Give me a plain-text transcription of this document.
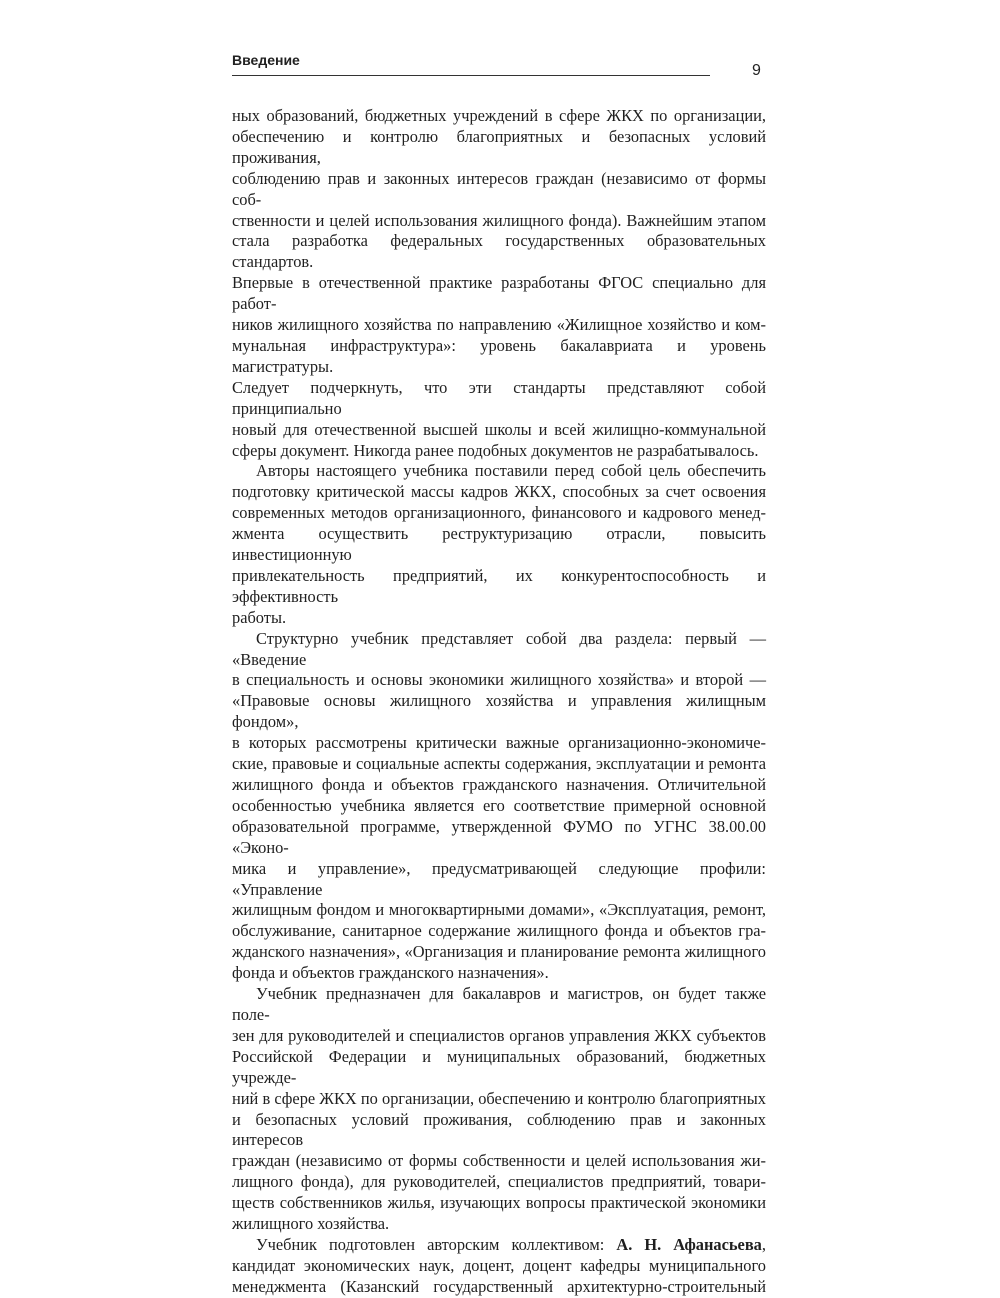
Введение
9

ных образований, бюджетных учреждений в сфере ЖКХ по организации,

обеспечению и контролю благоприятных и безопасных условий проживания,

соблюдению прав и законных интересов граждан (независимо от формы соб-

ственности и целей использования жилищного фонда). Важнейшим этапом

стала разработка федеральных государственных образовательных стандартов.

Впервые в отечественной практике разработаны ФГОС специально для работ-

ников жилищного хозяйства по направлению «Жилищное хозяйство и ком-

мунальная инфраструктура»: уровень бакалавриата и уровень магистратуры.

Следует подчеркнуть, что эти стандарты представляют собой принципиально

новый для отечественной высшей школы и всей жилищно-коммунальной

сферы документ. Никогда ранее подобных документов не разрабатывалось.

Авторы настоящего учебника поставили перед собой цель обеспечить

подготовку критической массы кадров ЖКХ, способных за счет освоения

современных методов организационного, финансового и кадрового менед-

жмента осуществить реструктуризацию отрасли, повысить инвестиционную

привлекательность предприятий, их конкурентоспособность и эффективность

работы.

Структурно учебник представляет собой два раздела: первый — «Введение

в специальность и основы экономики жилищного хозяйства» и второй —

«Правовые основы жилищного хозяйства и управления жилищным фондом»,

в которых рассмотрены критически важные организационно-экономиче-

ские, правовые и социальные аспекты содержания, эксплуатации и ремонта

жилищного фонда и объектов гражданского назначения. Отличительной

особенностью учебника является его соответствие примерной основной

образовательной программе, утвержденной ФУМО по УГНС 38.00.00 «Эконо-

мика и управление», предусматривающей следующие профили: «Управление

жилищным фондом и многоквартирными домами», «Эксплуатация, ремонт,

обслуживание, санитарное содержание жилищного фонда и объектов гра-

жданского назначения», «Организация и планирование ремонта жилищного

фонда и объектов гражданского назначения».

Учебник предназначен для бакалавров и магистров, он будет также поле-

зен для руководителей и специалистов органов управления ЖКХ субъектов

Российской Федерации и муниципальных образований, бюджетных учрежде-

ний в сфере ЖКХ по организации, обеспечению и контролю благоприятных

и безопасных условий проживания, соблюдению прав и законных интересов

граждан (независимо от формы собственности и целей использования жи-

лищного фонда), для руководителей, специалистов предприятий, товари-

ществ собственников жилья, изучающих вопросы практической экономики

жилищного хозяйства.

Учебник подготовлен авторским коллективом: А. Н. Афанасьева,

кандидат экономических наук, доцент, доцент кафедры муниципального

менеджмента (Казанский государственный архитектурно-строительный
